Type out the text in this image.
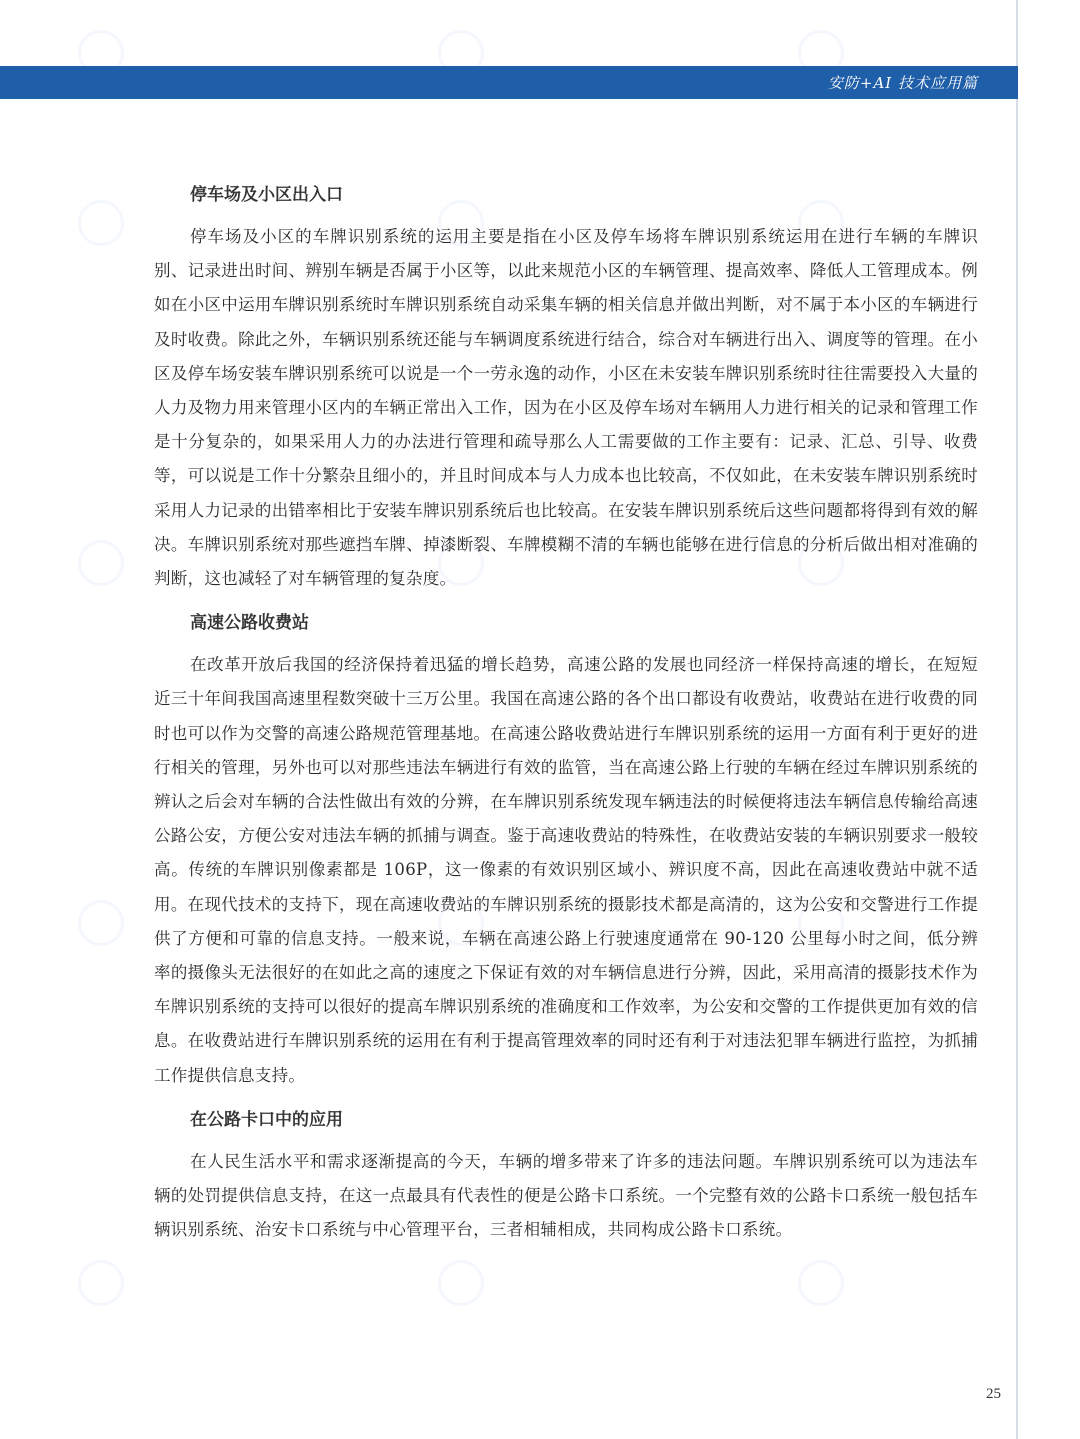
安防+AI 技术应用篇
停车场及小区出入口

停车场及小区的车牌识别系统的运用主要是指在小区及停车场将车牌识别系统运用在进行车辆的车牌识别、记录进出时间、辨别车辆是否属于小区等，以此来规范小区的车辆管理、提高效率、降低人工管理成本。例如在小区中运用车牌识别系统时车牌识别系统自动采集车辆的相关信息并做出判断，对不属于本小区的车辆进行及时收费。除此之外，车辆识别系统还能与车辆调度系统进行结合，综合对车辆进行出入、调度等的管理。在小区及停车场安装车牌识别系统可以说是一个一劳永逸的动作，小区在未安装车牌识别系统时往往需要投入大量的人力及物力用来管理小区内的车辆正常出入工作，因为在小区及停车场对车辆用人力进行相关的记录和管理工作是十分复杂的，如果采用人力的办法进行管理和疏导那么人工需要做的工作主要有：记录、汇总、引导、收费等，可以说是工作十分繁杂且细小的，并且时间成本与人力成本也比较高，不仅如此，在未安装车牌识别系统时采用人力记录的出错率相比于安装车牌识别系统后也比较高。在安装车牌识别系统后这些问题都将得到有效的解决。车牌识别系统对那些遮挡车牌、掉漆断裂、车牌模糊不清的车辆也能够在进行信息的分析后做出相对准确的判断，这也减轻了对车辆管理的复杂度。

高速公路收费站

在改革开放后我国的经济保持着迅猛的增长趋势，高速公路的发展也同经济一样保持高速的增长，在短短近三十年间我国高速里程数突破十三万公里。我国在高速公路的各个出口都设有收费站，收费站在进行收费的同时也可以作为交警的高速公路规范管理基地。在高速公路收费站进行车牌识别系统的运用一方面有利于更好的进行相关的管理，另外也可以对那些违法车辆进行有效的监管，当在高速公路上行驶的车辆在经过车牌识别系统的辨认之后会对车辆的合法性做出有效的分辨，在车牌识别系统发现车辆违法的时候便将违法车辆信息传输给高速公路公安，方便公安对违法车辆的抓捕与调查。鉴于高速收费站的特殊性，在收费站安装的车辆识别要求一般较高。传统的车牌识别像素都是 106P，这一像素的有效识别区域小、辨识度不高，因此在高速收费站中就不适用。在现代技术的支持下，现在高速收费站的车牌识别系统的摄影技术都是高清的，这为公安和交警进行工作提供了方便和可靠的信息支持。一般来说，车辆在高速公路上行驶速度通常在 90-120 公里每小时之间，低分辨率的摄像头无法很好的在如此之高的速度之下保证有效的对车辆信息进行分辨，因此，采用高清的摄影技术作为车牌识别系统的支持可以很好的提高车牌识别系统的准确度和工作效率，为公安和交警的工作提供更加有效的信息。在收费站进行车牌识别系统的运用在有利于提高管理效率的同时还有利于对违法犯罪车辆进行监控，为抓捕工作提供信息支持。

在公路卡口中的应用

在人民生活水平和需求逐渐提高的今天，车辆的增多带来了许多的违法问题。车牌识别系统可以为违法车辆的处罚提供信息支持，在这一点最具有代表性的便是公路卡口系统。一个完整有效的公路卡口系统一般包括车辆识别系统、治安卡口系统与中心管理平台，三者相辅相成，共同构成公路卡口系统。

25
